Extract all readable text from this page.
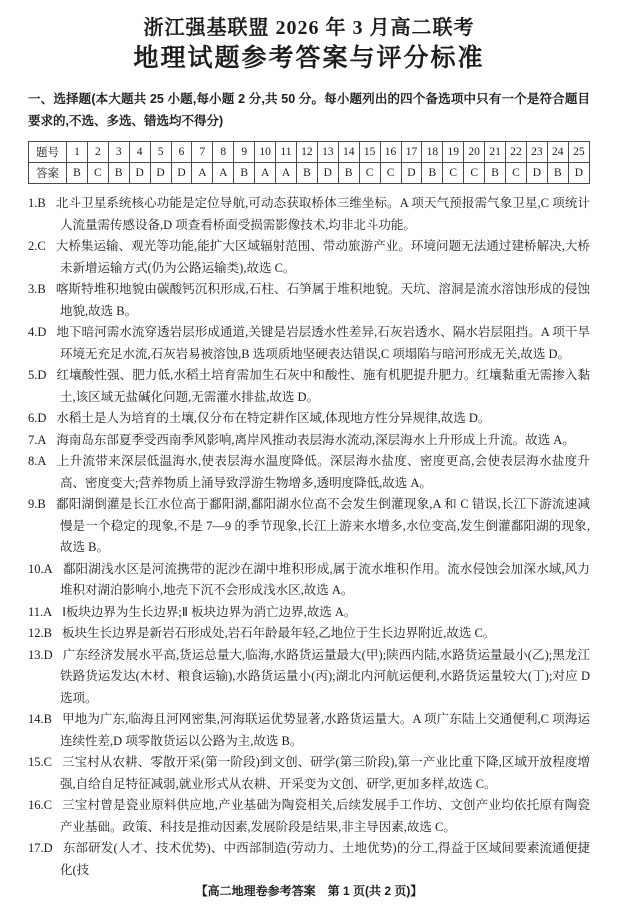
浙江强基联盟 2026 年 3 月高二联考
地理试题参考答案与评分标准
一、选择题(本大题共 25 小题,每小题 2 分,共 50 分。每小题列出的四个备选项中只有一个是符合题目要求的,不选、多选、错选均不得分)
题号	1	2	3	4	5	6	7	8	9	10	11	12	13	14	15	16	17	18	19	20	21	22	23	24	25
答案	B	C	B	D	D	D	A	A	B	A	A	B	D	B	C	C	D	B	C	C	B	C	D	B	D

1.B 北斗卫星系统核心功能是定位导航,可动态获取桥体三维坐标。A 项天气预报需气象卫星,C 项统计人流量需传感设备,D 项查看桥面受损需影像技术,均非北斗功能。

2.C 大桥集运输、观光等功能,能扩大区域辐射范围、带动旅游产业。环境问题无法通过建桥解决,大桥未新增运输方式(仍为公路运输类),故选 C。

3.B 喀斯特堆积地貌由碳酸钙沉积形成,石柱、石笋属于堆积地貌。天坑、溶洞是流水溶蚀形成的侵蚀地貌,故选 B。

4.D 地下暗河需水流穿透岩层形成通道,关键是岩层透水性差异,石灰岩透水、隔水岩层阻挡。A 项干旱环境无充足水流,石灰岩易被溶蚀,B 选项质地坚硬表达错误,C 项塌陷与暗河形成无关,故选 D。

5.D 红壤酸性强、肥力低,水稻土培育需加生石灰中和酸性、施有机肥提升肥力。红壤黏重无需掺入黏土,该区域无盐碱化问题,无需灌水排盐,故选 D。

6.D 水稻土是人为培育的土壤,仅分布在特定耕作区域,体现地方性分异规律,故选 D。

7.A 海南岛东部夏季受西南季风影响,离岸风推动表层海水流动,深层海水上升形成上升流。故选 A。

8.A 上升流带来深层低温海水,使表层海水温度降低。深层海水盐度、密度更高,会使表层海水盐度升高、密度变大;营养物质上涌导致浮游生物增多,透明度降低,故选 A。

9.B 鄱阳湖倒灌是长江水位高于鄱阳湖,鄱阳湖水位高不会发生倒灌现象,A 和 C 错误,长江下游流速减慢是一个稳定的现象,不是 7—9 的季节现象,长江上游来水增多,水位变高,发生倒灌鄱阳湖的现象,故选 B。

10.A 鄱阳湖浅水区是河流携带的泥沙在湖中堆积形成,属于流水堆积作用。流水侵蚀会加深水域,风力堆积对湖泊影响小,地壳下沉不会形成浅水区,故选 A。

11.A Ⅰ板块边界为生长边界;Ⅱ 板块边界为消亡边界,故选 A。

12.B 板块生长边界是新岩石形成处,岩石年龄最年轻,乙地位于生长边界附近,故选 C。

13.D 广东经济发展水平高,货运总量大,临海,水路货运量最大(甲);陕西内陆,水路货运量最小(乙);黑龙江铁路货运发达(木材、粮食运输),水路货运量小(丙);湖北内河航运便利,水路货运量较大(丁);对应 D 选项。

14.B 甲地为广东,临海且河网密集,河海联运优势显著,水路货运量大。A 项广东陆上交通便利,C 项海运连续性差,D 项零散货运以公路为主,故选 B。

15.C 三宝村从农耕、零散开采(第一阶段)到文创、研学(第三阶段),第一产业比重下降,区域开放程度增强,自给自足特征减弱,就业形式从农耕、开采变为文创、研学,更加多样,故选 C。

16.C 三宝村曾是瓷业原料供应地,产业基础为陶瓷相关,后续发展手工作坊、文创产业均依托原有陶瓷产业基础。政策、科技是推动因素,发展阶段是结果,非主导因素,故选 C。

17.D 东部研发(人才、技术优势)、中西部制造(劳动力、土地优势)的分工,得益于区域间要素流通便捷化(技

【高二地理卷参考答案　第 1 页(共 2 页)】
